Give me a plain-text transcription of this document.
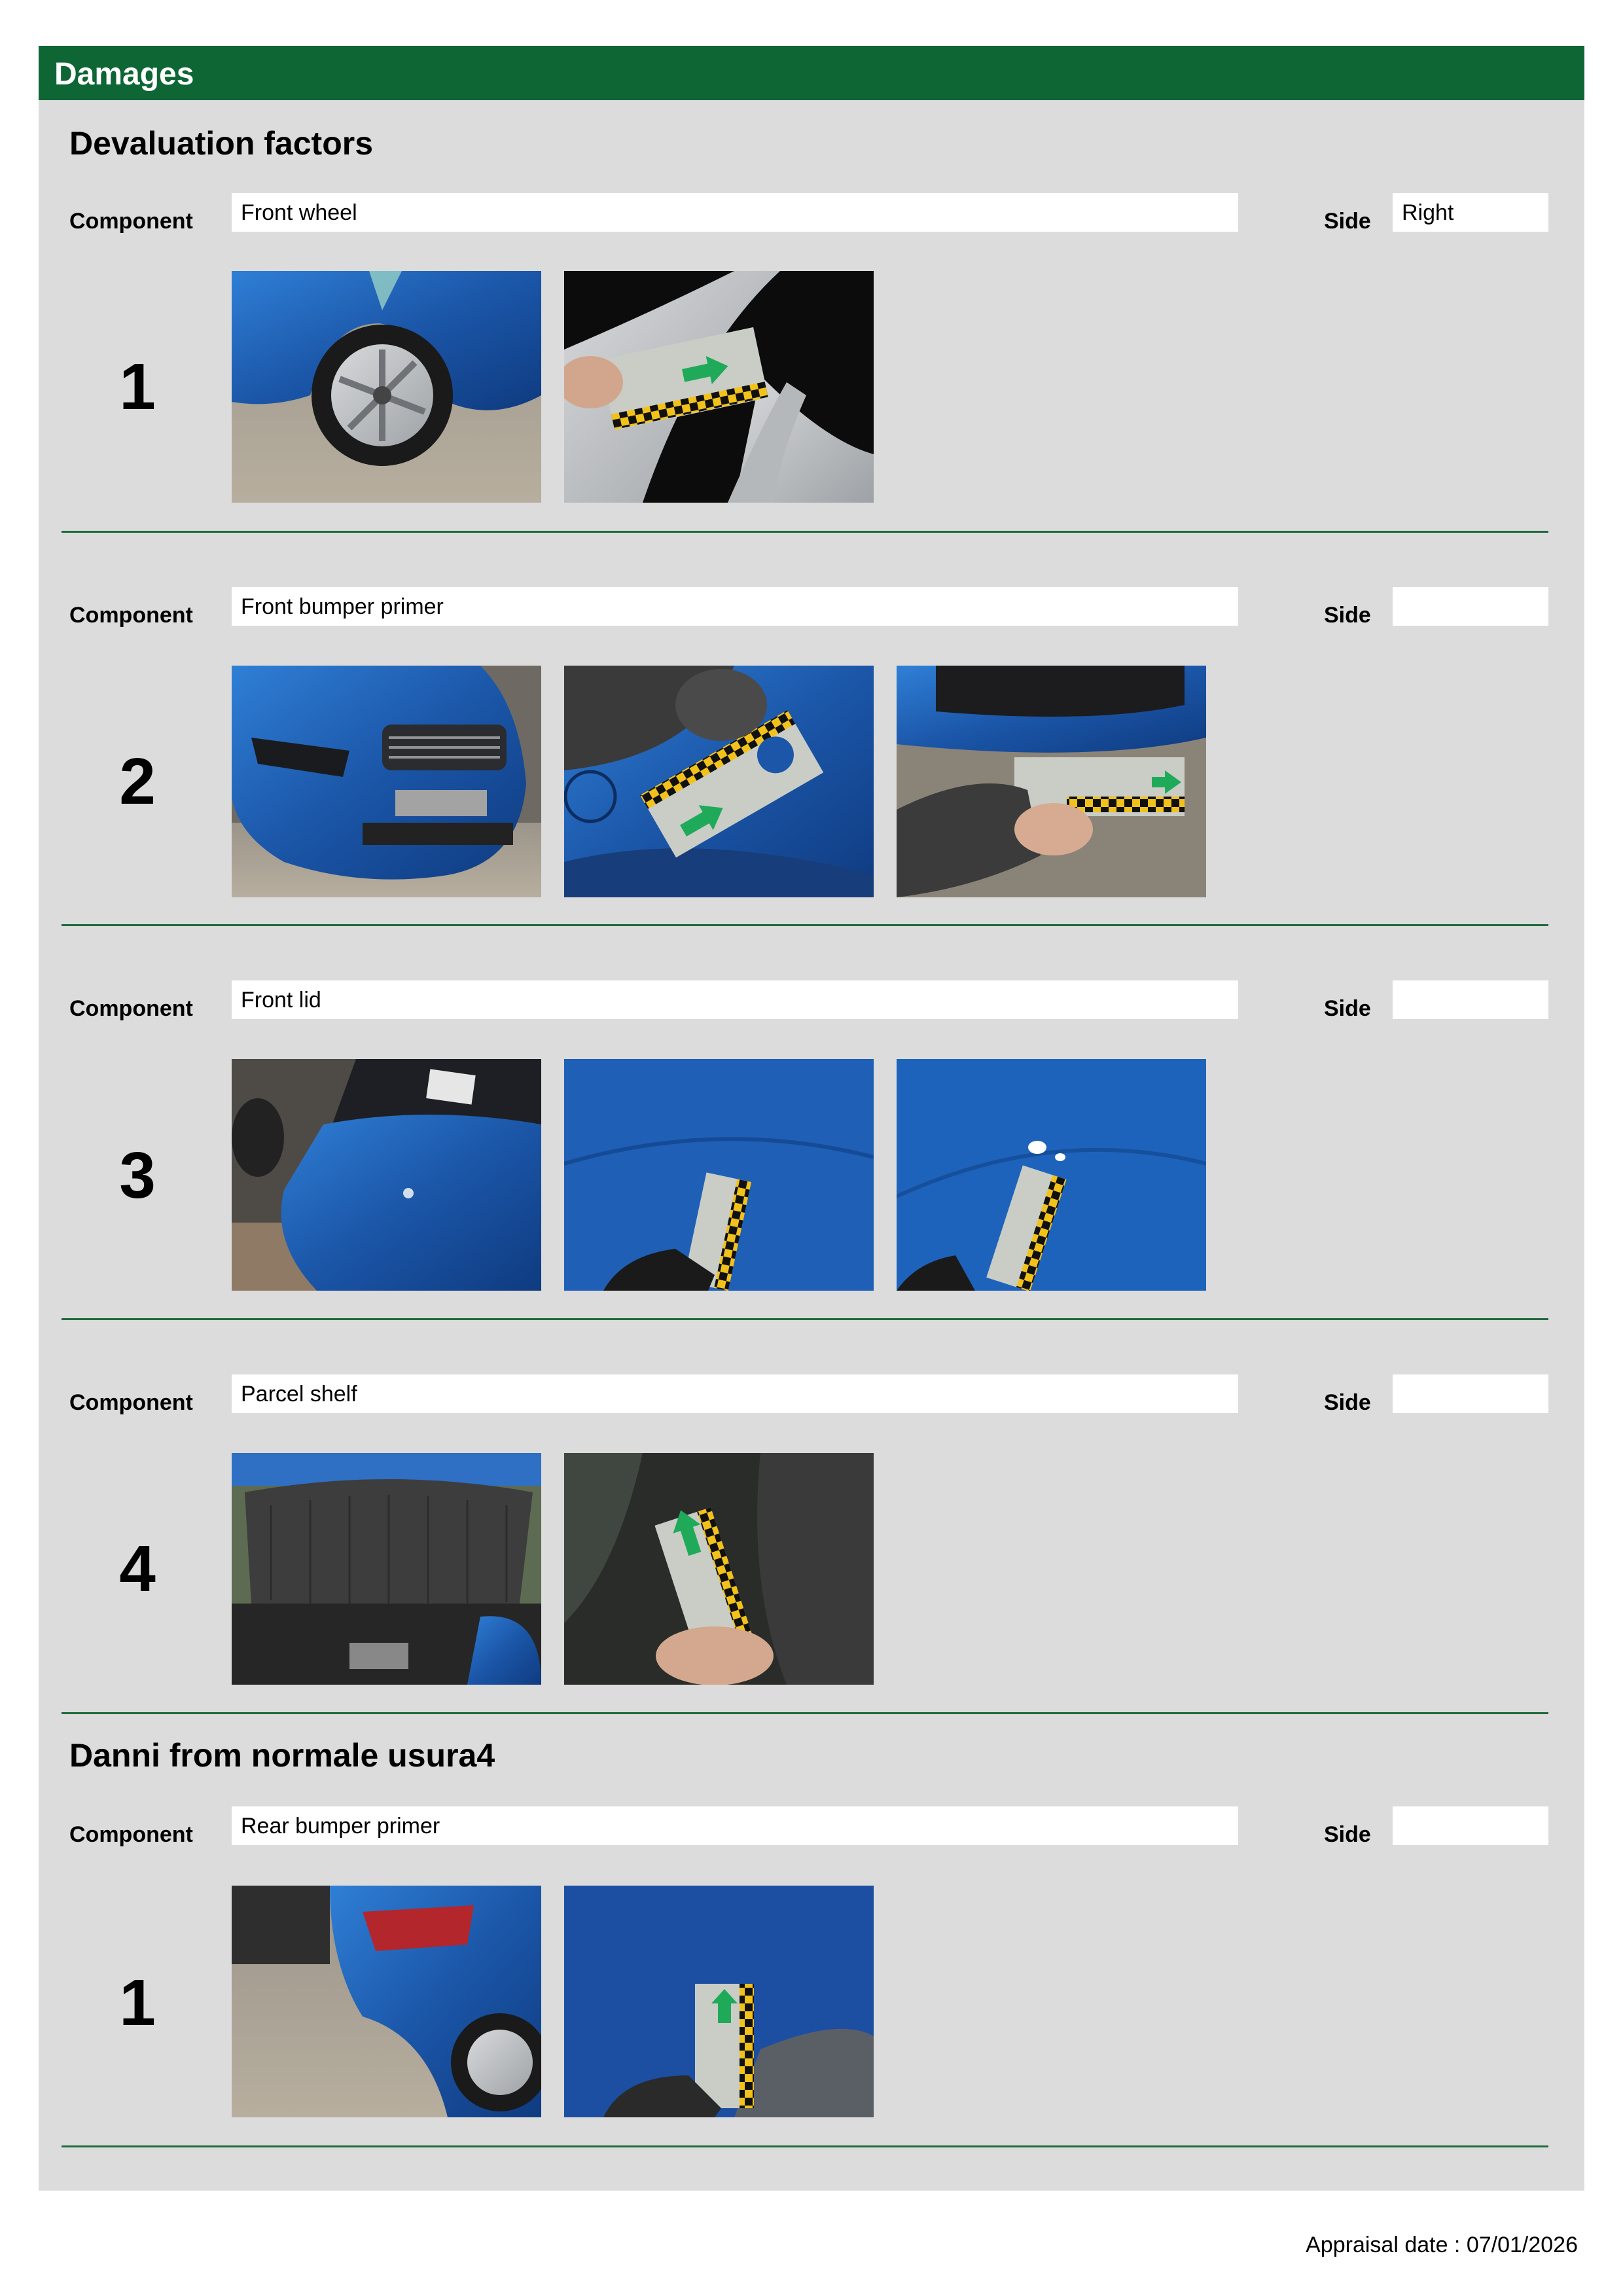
Damages
Devaluation factors
Component	Front wheel	Side	Right
1
Component	Front bumper primer	Side
2
Component	Front lid	Side
3
Component	Parcel shelf	Side
4
Danni from normale usura4
Component	Rear bumper primer	Side
1
Appraisal date : 07/01/2026
